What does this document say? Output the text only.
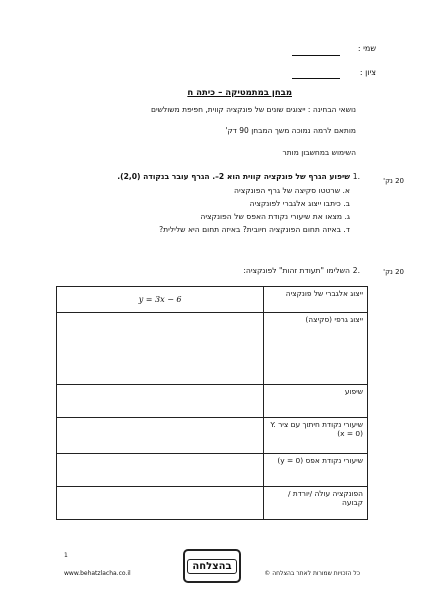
שמי :
ציון :
מבחן במתמטיקה – כיתה ח
נושאי הבחינה : ייצוגים שונים של פונקציה קווית, חפיפת משולשים
מותאם לרמה נמוכה משך המבחן 90 דק'
השימוש במחשבון מותר
20 נק'
1.
שיפוע הגרף של פונקציה קווית הוא 2–. הגרף עובר בנקודה (2,0).
א. שרטטו סקיצה של גרף הפונקציה
ב. כיתבו ייצוג אלגברי לפונקציה
ג. מצאו את שיעורי נקודת האפס של הפונקציה
ד. באיזה תחום הפונקציה חיובית? באיזה תחום היא שלילית?
20 נק'
2.
השלימו "תעודת זהות" לפונקציה:
ייצוג אלגברי של פונקציה	y = 3x − 6
ייצוג גרפי (סקיצה)	
שיפוע	
שיעורי נקודת חיתוך עם ציר Y. (x = 0)	
שיעורי נקודת אפס (y = 0)	
הפונקציה עולה /יורדת / קבועה	
1
www.behatzlacha.co.il
בהצלחה
כל הזכויות שמורות לאתר בהצלחה ©
